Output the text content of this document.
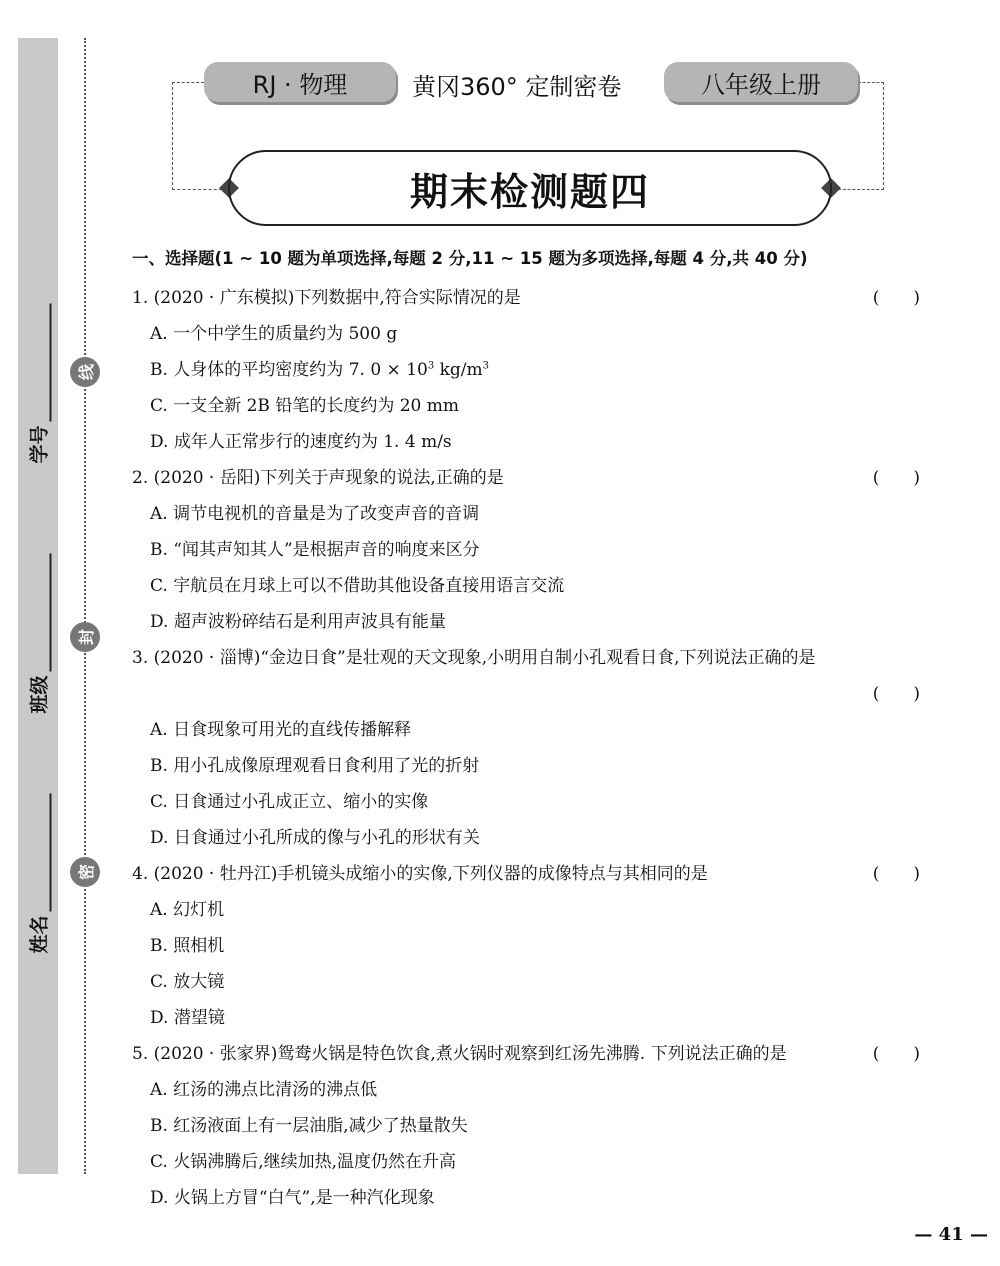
学号
班级
姓名
线
封
密
RJ · 物理	黄冈360° 定制密卷	八年级上册
期末检测题四
一、选择题(1 ~ 10 题为单项选择,每题 2 分,11 ~ 15 题为多项选择,每题 4 分,共 40 分)
1. (2020 · 广东模拟)下列数据中,符合实际情况的是	(　　)
A. 一个中学生的质量约为 500 g
B. 人身体的平均密度约为 7. $0 \times 10^3$ $kg/m^3$
C. 一支全新 2B 铅笔的长度约为 20 mm
D. 成年人正常步行的速度约为 1. 4 m/s
2. (2020 · 岳阳)下列关于声现象的说法,正确的是	(　　)
A. 调节电视机的音量是为了改变声音的音调
B. “闻其声知其人”是根据声音的响度来区分
C. 宇航员在月球上可以不借助其他设备直接用语言交流
D. 超声波粉碎结石是利用声波具有能量
3. (2020 · 淄博)“金边日食”是壮观的天文现象,小明用自制小孔观看日食,下列说法正确的是
(　　)
A. 日食现象可用光的直线传播解释
B. 用小孔成像原理观看日食利用了光的折射
C. 日食通过小孔成正立、缩小的实像
D. 日食通过小孔所成的像与小孔的形状有关
4. (2020 · 牡丹江)手机镜头成缩小的实像,下列仪器的成像特点与其相同的是	(　　)
A. 幻灯机
B. 照相机
C. 放大镜
D. 潜望镜
5. (2020 · 张家界)鸳鸯火锅是特色饮食,煮火锅时观察到红汤先沸腾. 下列说法正确的是	(　　)
A. 红汤的沸点比清汤的沸点低
B. 红汤液面上有一层油脂,减少了热量散失
C. 火锅沸腾后,继续加热,温度仍然在升高
D. 火锅上方冒“白气”,是一种汽化现象
— 41 —
